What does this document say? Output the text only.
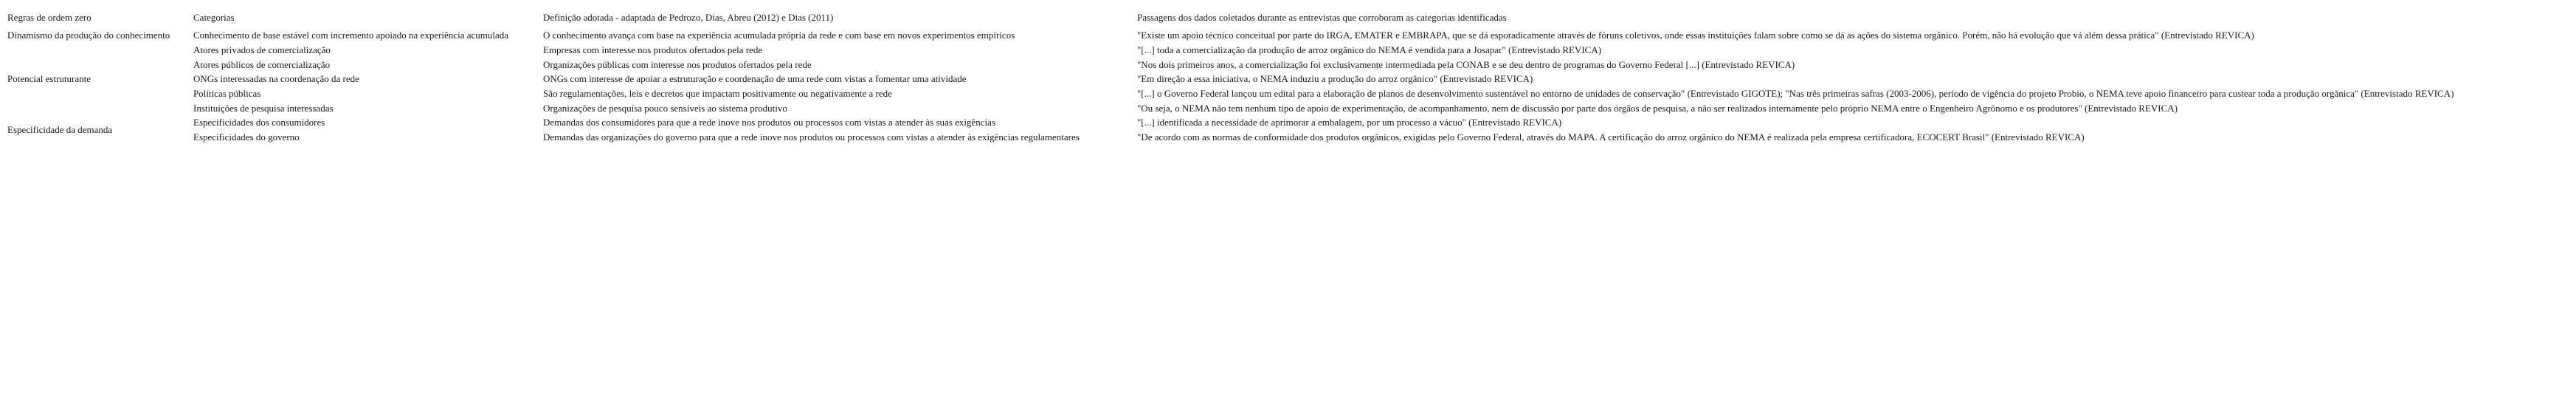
Regras de ordem zero	Categorias	Definição adotada - adaptada de Pedrozo, Dias, Abreu (2012) e Dias (2011)	Passagens dos dados coletados durante as entrevistas que corroboram as categorias identificadas
Dinamismo da produção do conhecimento	Conhecimento de base estável com incremento apoiado na experiência acumulada	O conhecimento avança com base na experiência acumulada própria da rede e com base em novos experimentos empíricos	"Existe um apoio técnico conceitual por parte do IRGA, EMATER e EMBRAPA, que se dá esporadicamente através de fóruns coletivos, onde essas instituições falam sobre como se dá as ações do sistema orgânico. Porém, não há evolução que vá além dessa prática" (Entrevistado REVICA)
	Atores privados de comercialização	Empresas com interesse nos produtos ofertados pela rede	"[...] toda a comercialização da produção de arroz orgânico do NEMA é vendida para a Josapar" (Entrevistado REVICA)
	Atores públicos de comercialização	Organizações públicas com interesse nos produtos ofertados pela rede	"Nos dois primeiros anos, a comercialização foi exclusivamente intermediada pela CONAB e se deu dentro de programas do Governo Federal [...] (Entrevistado REVICA)
Potencial estruturante	ONGs interessadas na coordenação da rede	ONGs com interesse de apoiar a estruturação e coordenação de uma rede com vistas a fomentar uma atividade	"Em direção a essa iniciativa, o NEMA induziu a produção do arroz orgânico" (Entrevistado REVICA)
	Políticas públicas	São regulamentações, leis e decretos que impactam positivamente ou negativamente a rede	"[...] o Governo Federal lançou um edital para a elaboração de planos de desenvolvimento sustentável no entorno de unidades de conservação" (Entrevistado GIGOTE); "Nas três primeiras safras (2003-2006), período de vigência do projeto Probio, o NEMA teve apoio financeiro para custear toda a produção orgânica" (Entrevistado REVICA)
	Instituições de pesquisa interessadas	Organizações de pesquisa pouco sensíveis ao sistema produtivo	"Ou seja, o NEMA não tem nenhum tipo de apoio de experimentação, de acompanhamento, nem de discussão por parte dos órgãos de pesquisa, a não ser realizados internamente pelo próprio NEMA entre o Engenheiro Agrônomo e os produtores" (Entrevistado REVICA)
Especificidade da demanda	Especificidades dos consumidores	Demandas dos consumidores para que a rede inove nos produtos ou processos com vistas a atender às suas exigências	"[...] identificada a necessidade de aprimorar a embalagem, por um processo a vácuo" (Entrevistado REVICA)
	Especificidades do governo	Demandas das organizações do governo para que a rede inove nos produtos ou processos com vistas a atender às exigências regulamentares	"De acordo com as normas de conformidade dos produtos orgânicos, exigidas pelo Governo Federal, através do MAPA. A certificação do arroz orgânico do NEMA é realizada pela empresa certificadora, ECOCERT Brasil" (Entrevistado REVICA)
